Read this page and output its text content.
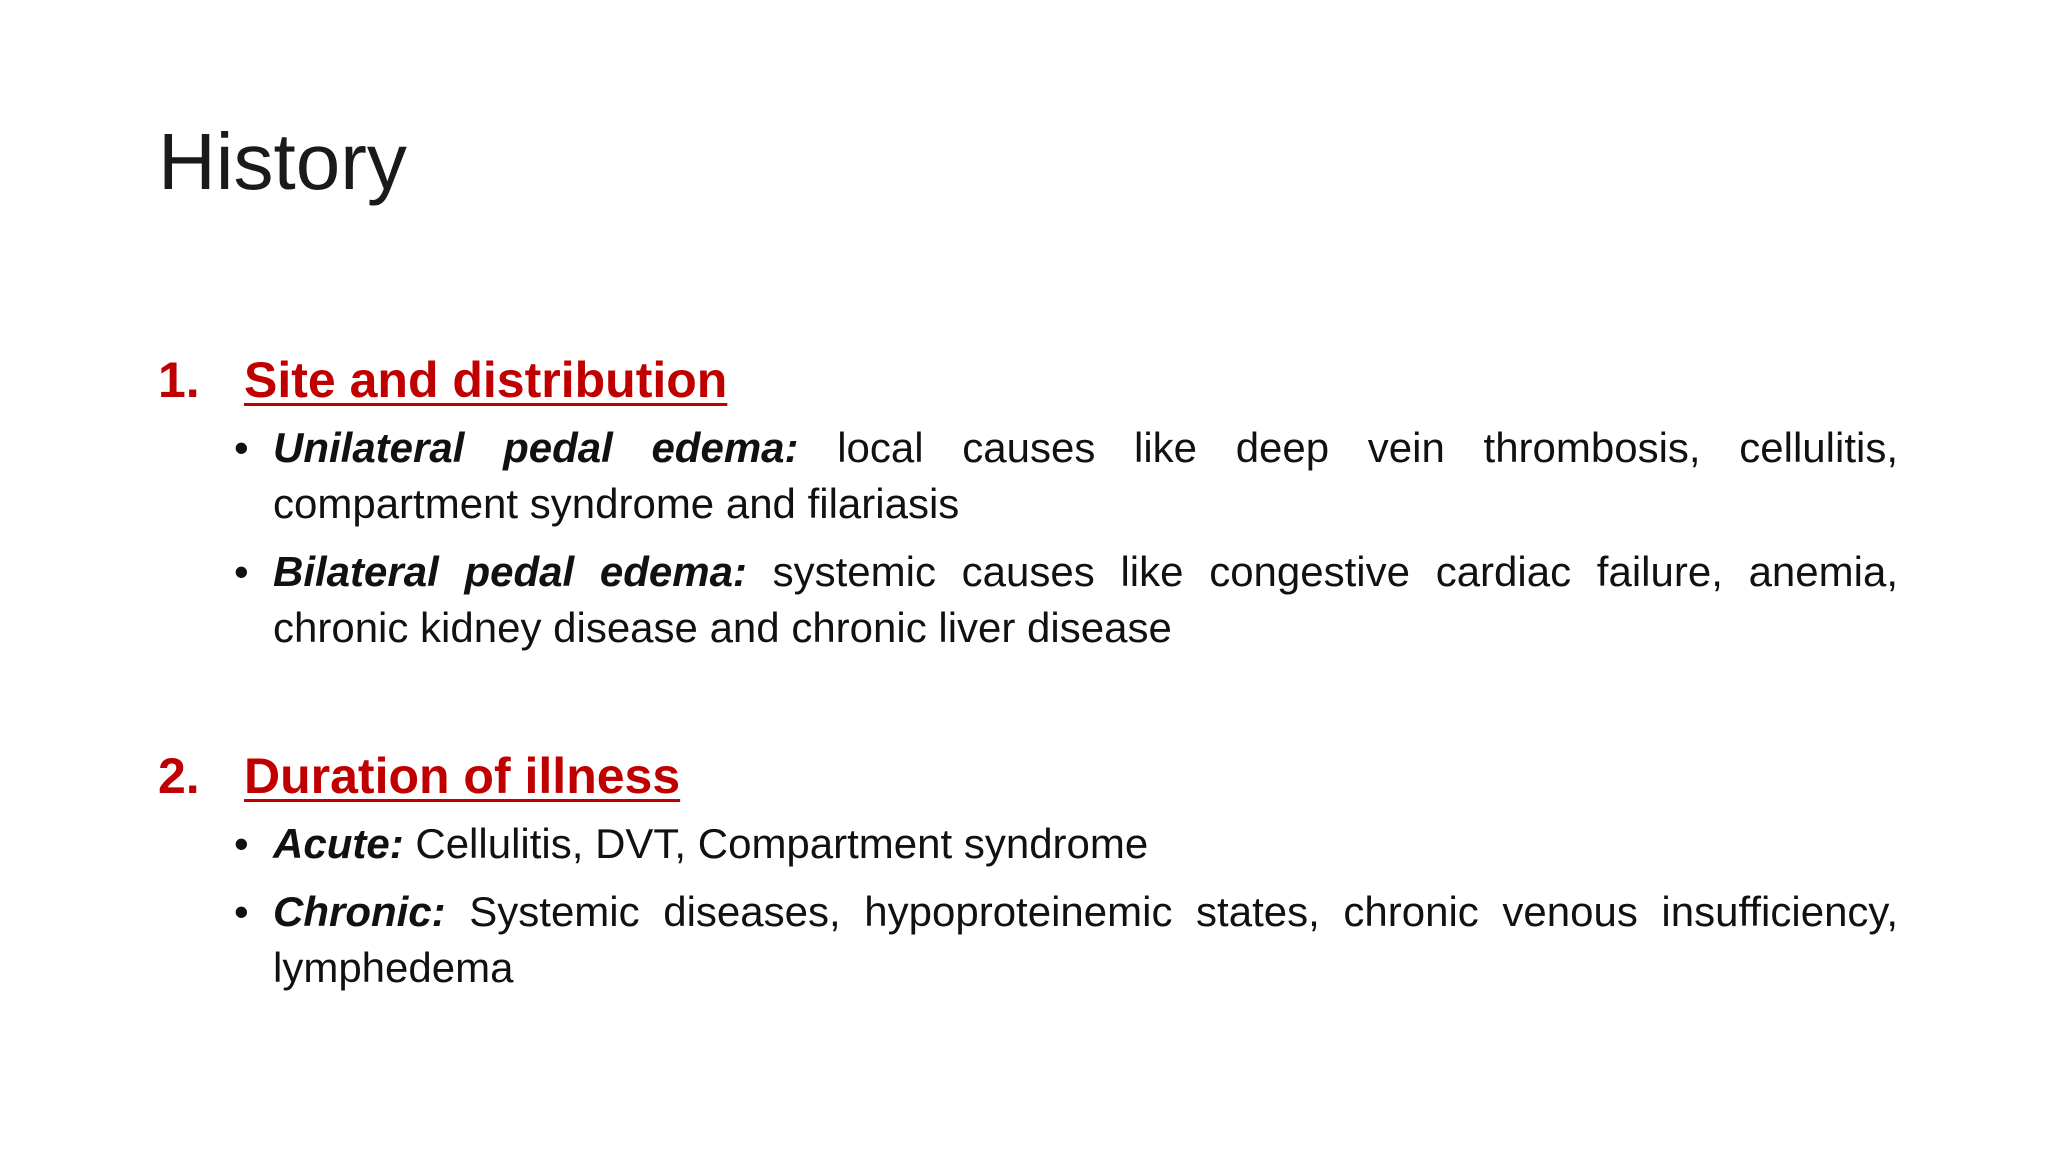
History
1. Site and distribution
• Unilateral pedal edema: local causes like deep vein thrombosis, cellulitis, compartment syndrome and filariasis
• Bilateral pedal edema: systemic causes like congestive cardiac failure, anemia, chronic kidney disease and chronic liver disease
2. Duration of illness
• Acute: Cellulitis, DVT, Compartment syndrome
• Chronic: Systemic diseases, hypoproteinemic states, chronic venous insufficiency, lymphedema
